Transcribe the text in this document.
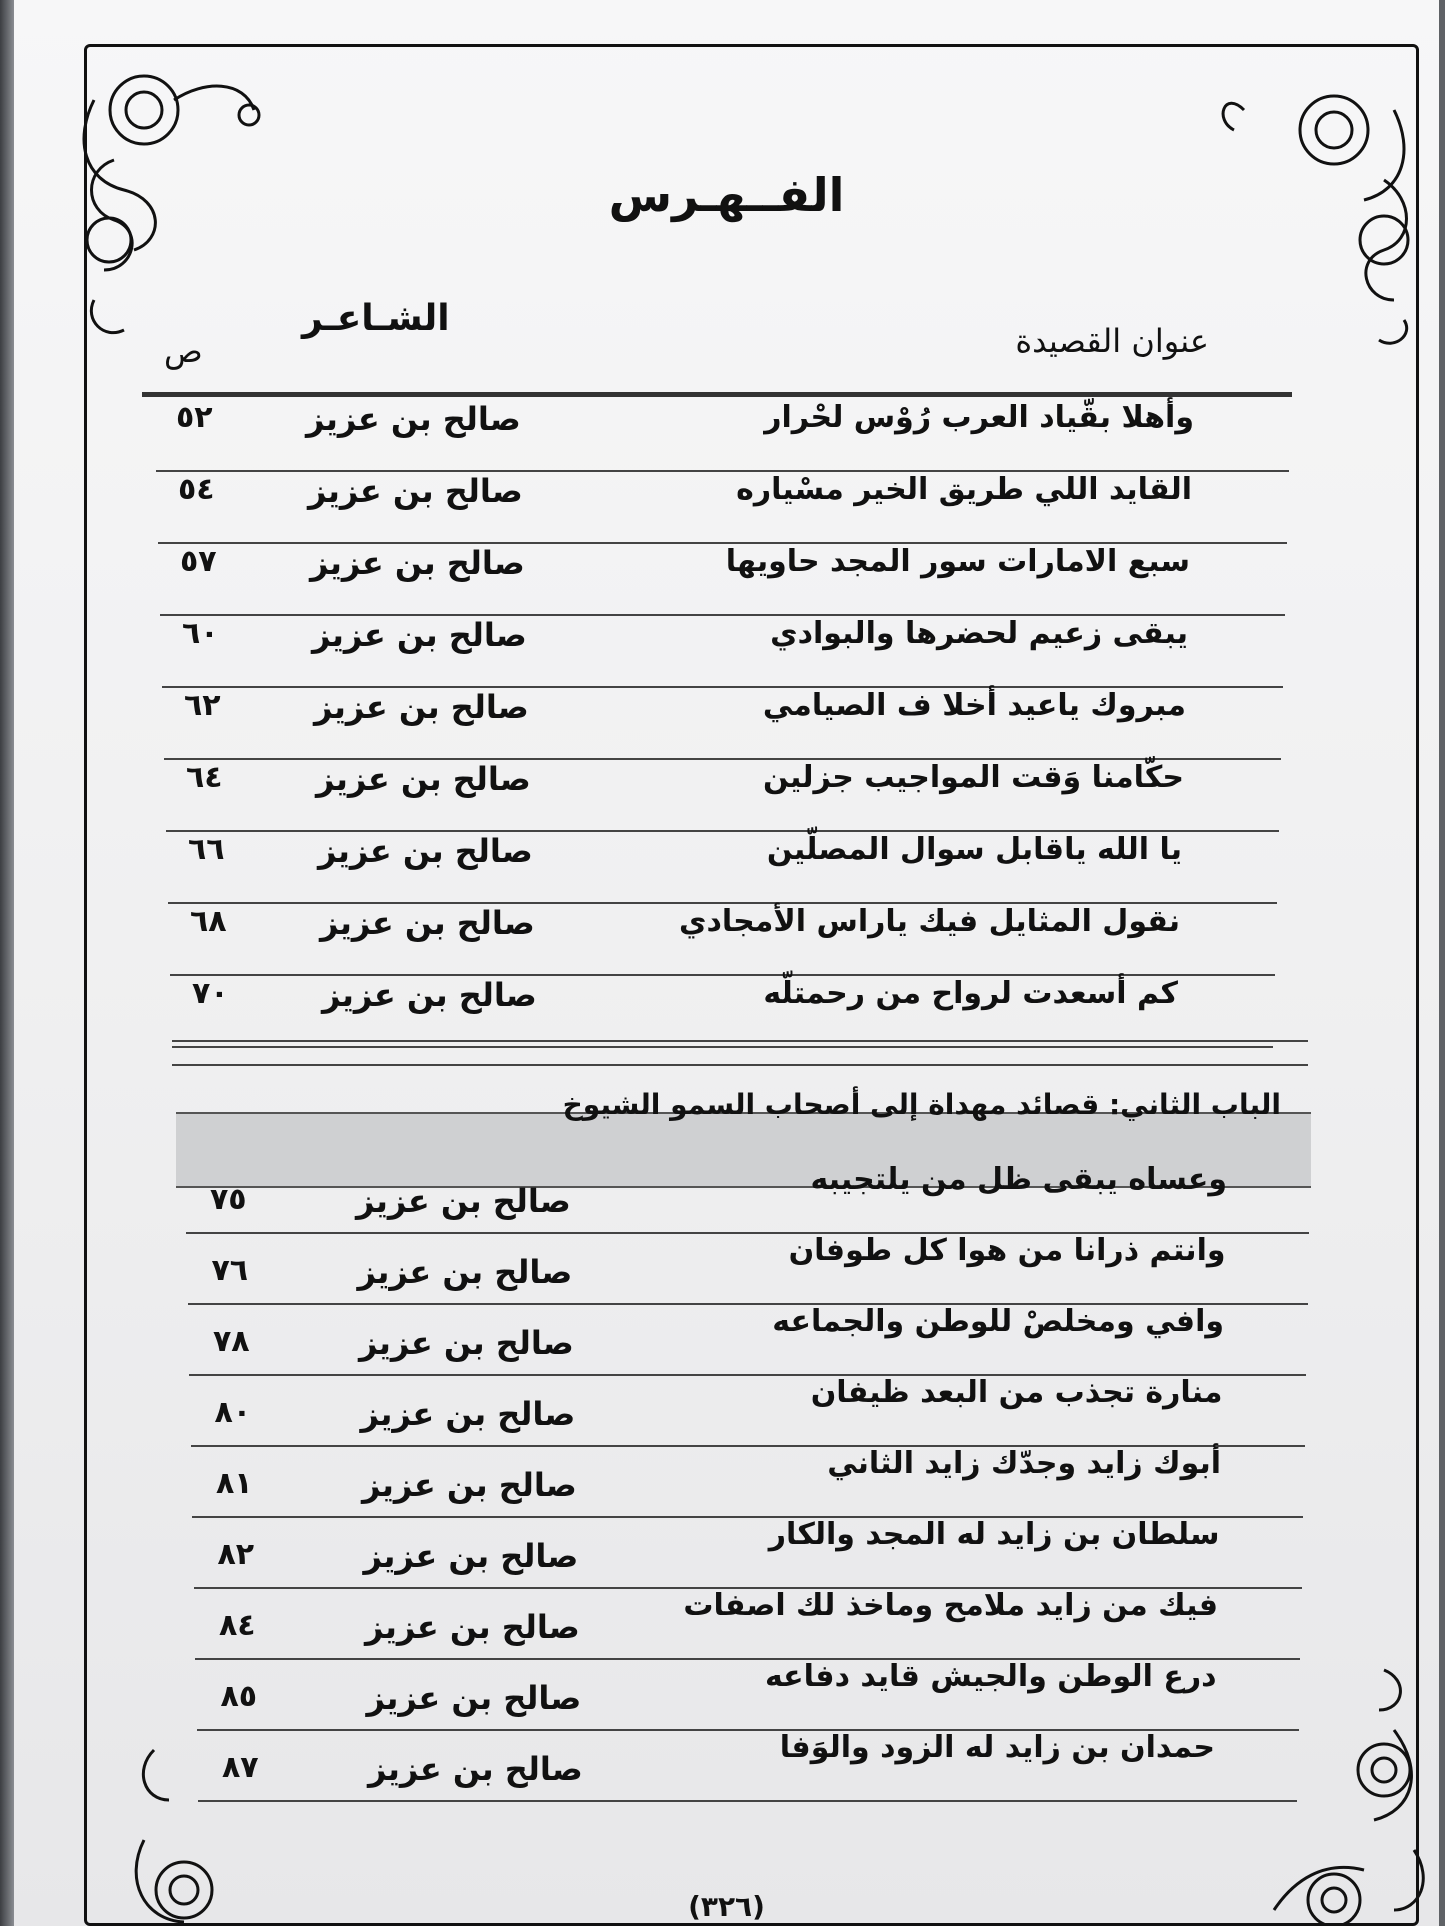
الفــهـرس
عنوان القصيدة
الشـاعـر
ص
وأهلا بقّياد العرب رُوْس لحْرار
صالح بن عزيز
٥٢
القايد اللي طريق الخير مسْياره
صالح بن عزيز
٥٤
سبع الامارات سور المجد حاويها
صالح بن عزيز
٥٧
يبقى زعيم لحضرها والبوادي
صالح بن عزيز
٦٠
مبروك ياعيد أخلا ف الصيامي
صالح بن عزيز
٦٢
حكّامنا وَقت المواجيب جزلين
صالح بن عزيز
٦٤
يا الله ياقابل سوال المصلّين
صالح بن عزيز
٦٦
نقول المثايل فيك ياراس الأمجادي
صالح بن عزيز
٦٨
كم أسعدت لرواح من رحمتلّه
صالح بن عزيز
٧٠
الباب الثاني: قصائد مهداة إلى أصحاب السمو الشيوخ
وعساه يبقى ظل من يلتجيبه
صالح بن عزيز
٧٥
وانتم ذرانا من هوا كل طوفان
صالح بن عزيز
٧٦
وافي ومخلصْ للوطن والجماعه
صالح بن عزيز
٧٨
منارة تجذب من البعد ظيفان
صالح بن عزيز
٨٠
أبوك زايد وجدّك زايد الثاني
صالح بن عزيز
٨١
سلطان بن زايد له المجد والكار
صالح بن عزيز
٨٢
فيك من زايد ملامح وماخذ لك اصفات
صالح بن عزيز
٨٤
درع الوطن والجيش قايد دفاعه
صالح بن عزيز
٨٥
حمدان بن زايد له الزود والوَفا
صالح بن عزيز
٨٧
(٣٢٦)
